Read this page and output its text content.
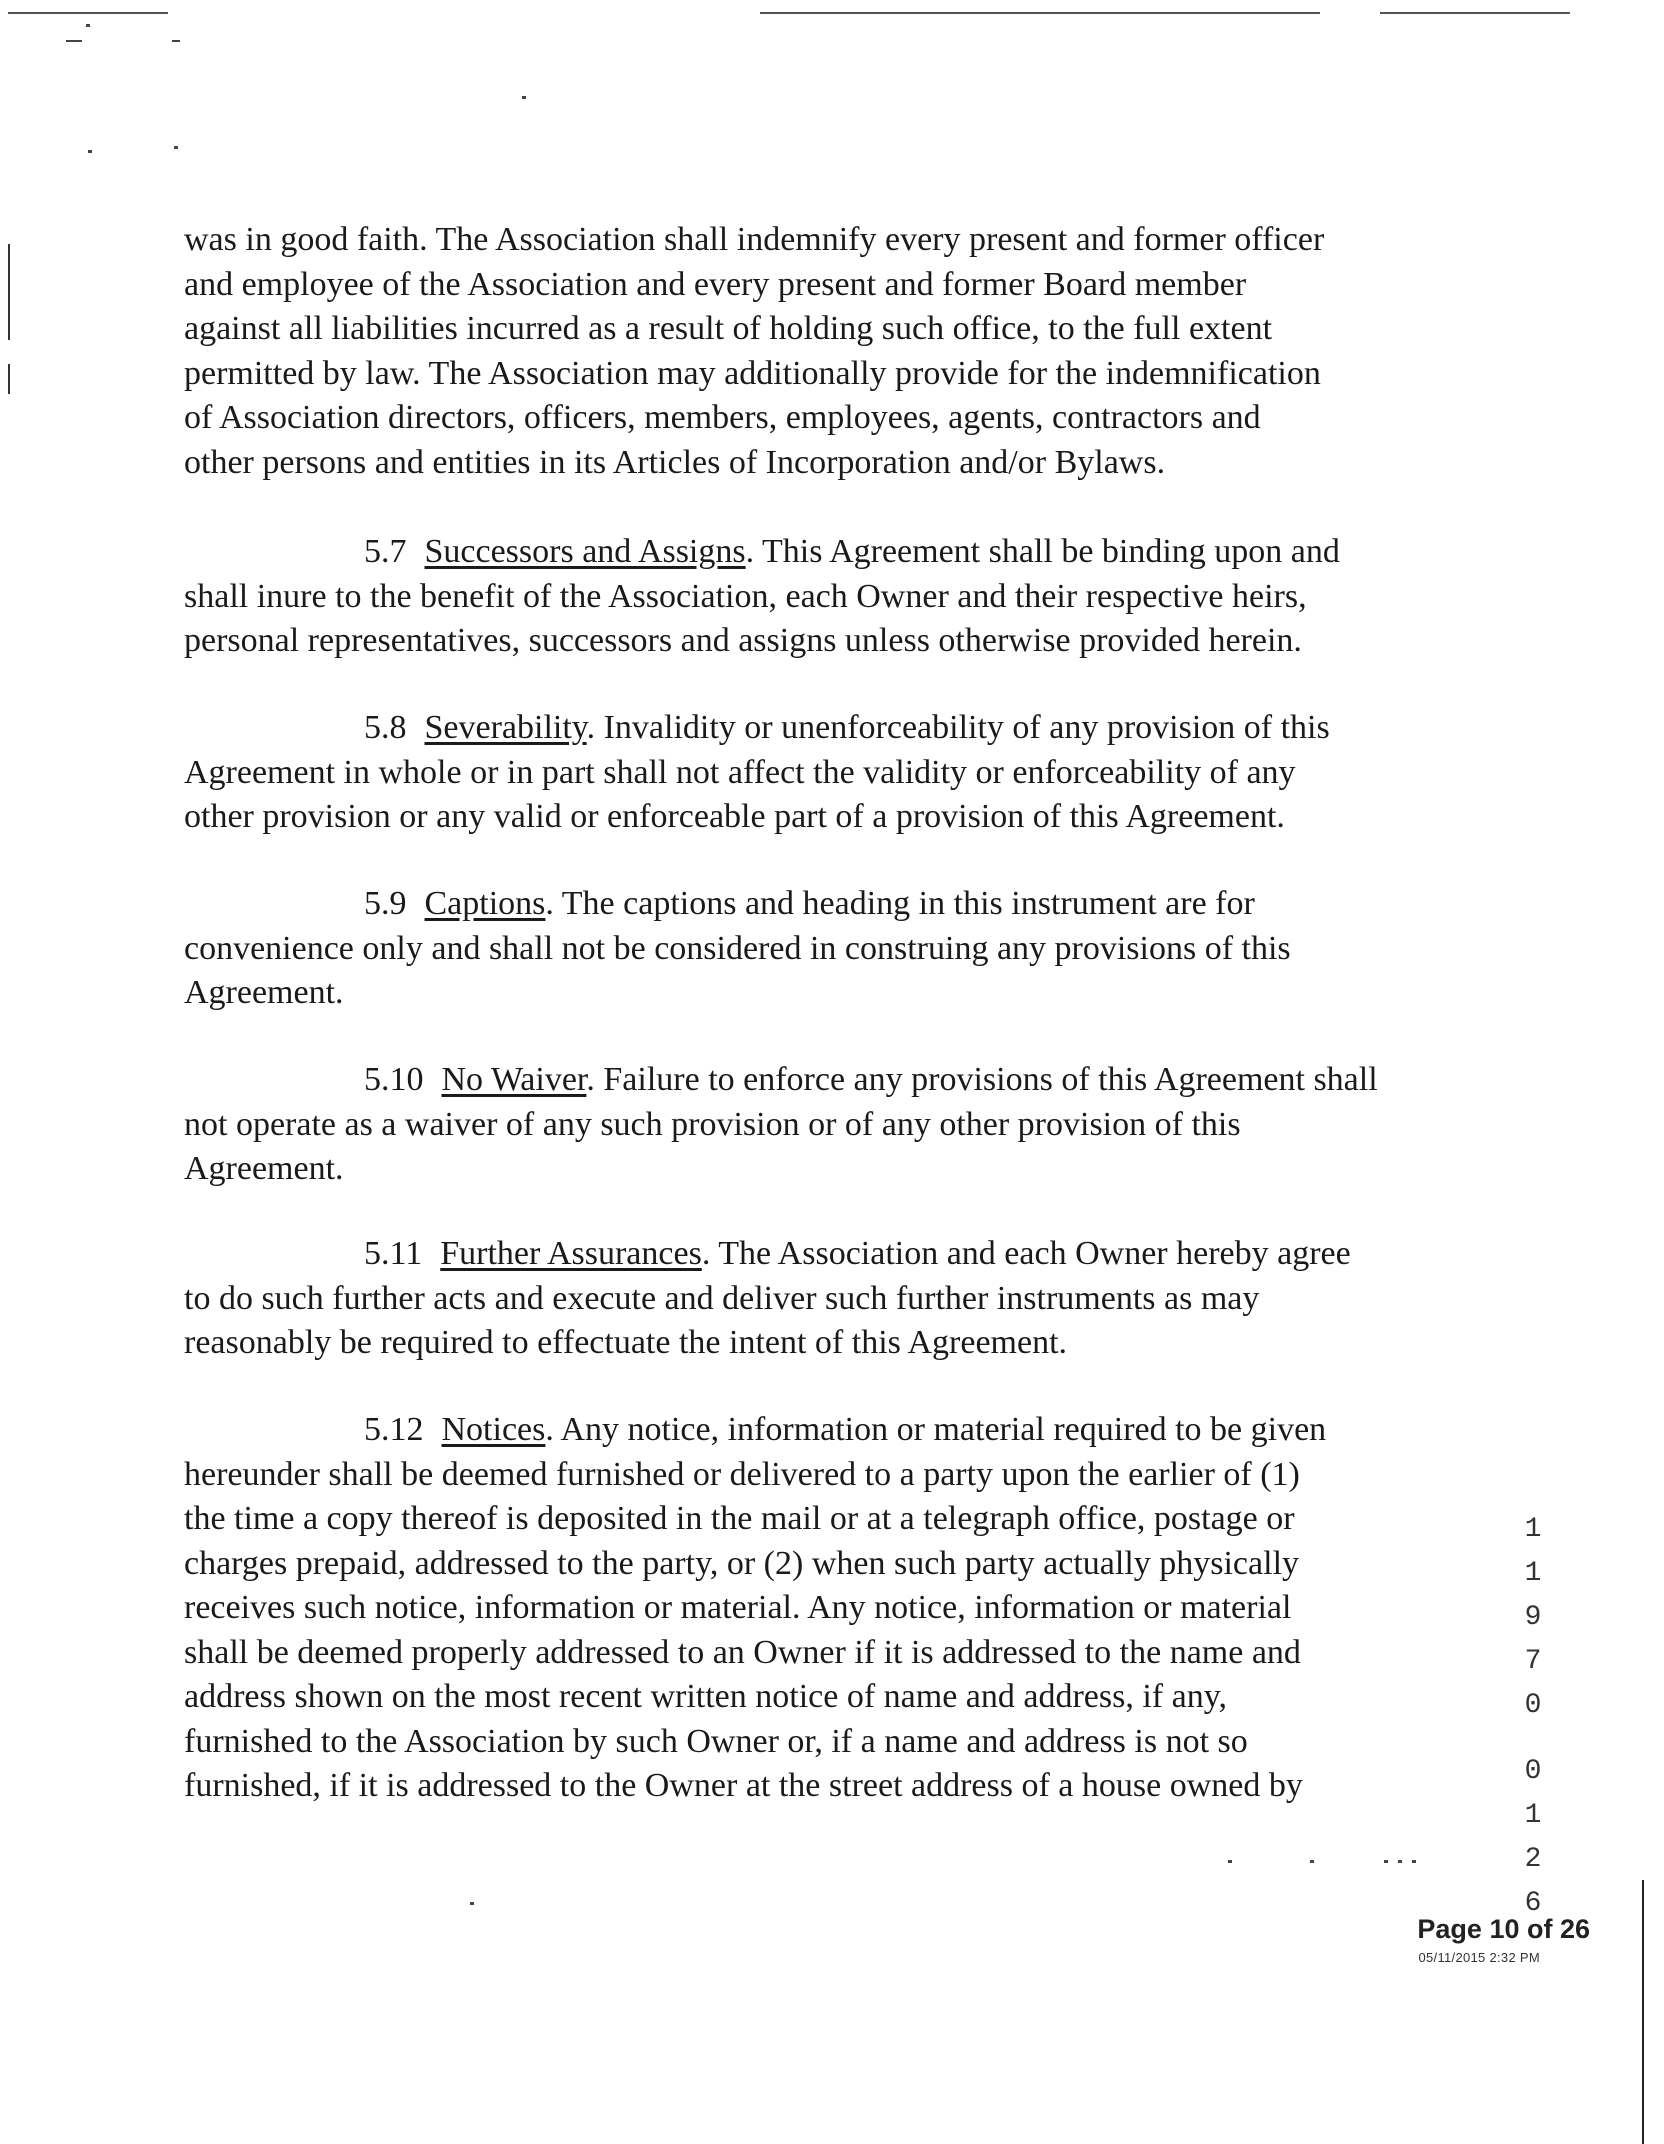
was in good faith. The Association shall indemnify every present and former officer
and employee of the Association and every present and former Board member
against all liabilities incurred as a result of holding such office, to the full extent
permitted by law. The Association may additionally provide for the indemnification
of Association directors, officers, members, employees, agents, contractors and
other persons and entities in its Articles of Incorporation and/or Bylaws.
5.7 Successors and Assigns. This Agreement shall be binding upon and
shall inure to the benefit of the Association, each Owner and their respective heirs,
personal representatives, successors and assigns unless otherwise provided herein.
5.8 Severability. Invalidity or unenforceability of any provision of this
Agreement in whole or in part shall not affect the validity or enforceability of any
other provision or any valid or enforceable part of a provision of this Agreement.
5.9 Captions. The captions and heading in this instrument are for
convenience only and shall not be considered in construing any provisions of this
Agreement.
5.10 No Waiver. Failure to enforce any provisions of this Agreement shall
not operate as a waiver of any such provision or of any other provision of this
Agreement.
5.11 Further Assurances. The Association and each Owner hereby agree
to do such further acts and execute and deliver such further instruments as may
reasonably be required to effectuate the intent of this Agreement.
5.12 Notices. Any notice, information or material required to be given
hereunder shall be deemed furnished or delivered to a party upon the earlier of (1)
the time a copy thereof is deposited in the mail or at a telegraph office, postage or
charges prepaid, addressed to the party, or (2) when such party actually physically
receives such notice, information or material. Any notice, information or material
shall be deemed properly addressed to an Owner if it is addressed to the name and
address shown on the most recent written notice of name and address, if any,
furnished to the Association by such Owner or, if a name and address is not so
furnished, if it is addressed to the Owner at the street address of a house owned by
1
1
9
7
0
0
1
2
6
Page 10 of 26
05/11/2015 2:32 PM
